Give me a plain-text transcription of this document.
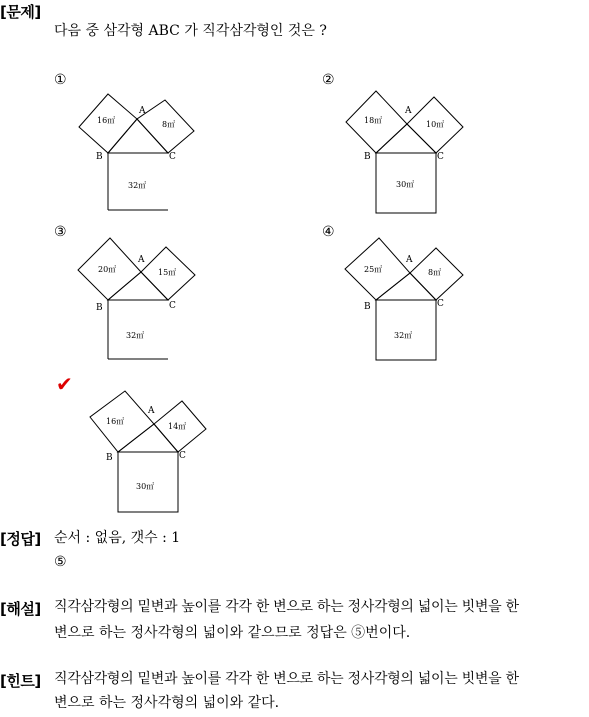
[문제]
다음 중 삼각형 ABC 가 직각삼각형인 것은 ?
①	②
③	④
✔
16㎡	8㎡
32㎡
A
B	C
18㎡	10㎡
30㎡
A
B	C
20㎡	15㎡
32㎡
A
B	C
25㎡	8㎡
32㎡
A
B	C
16㎡
14㎡
30㎡
A
B	C
[정답] 순서 : 없음, 갯수 : 1
⑤
[해설] 직각삼각형의 밑변과 높이를 각각 한 변으로 하는 정사각형의 넓이는 빗변을 한
변으로 하는 정사각형의 넓이와 같으므로 정답은 ⑤번이다.
[힌트] 직각삼각형의 밑변과 높이를 각각 한 변으로 하는 정사각형의 넓이는 빗변을 한
변으로 하는 정사각형의 넓이와 같다.
